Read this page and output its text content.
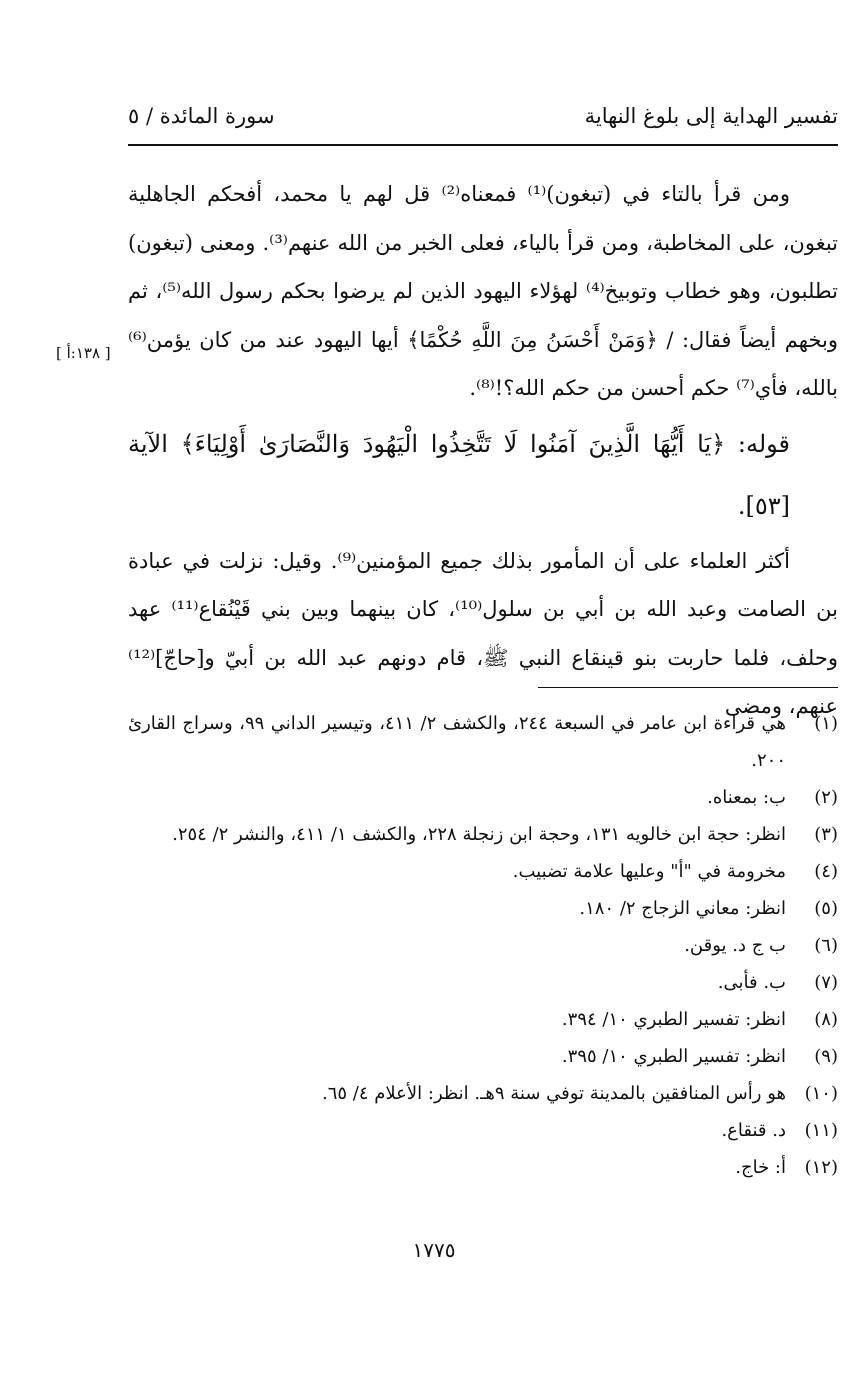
تفسير الهداية إلى بلوغ النهاية
سورة المائدة / ٥
[ ١٣٨:أ ]

ومن قرأ بالتاء في (تبغون)⁽¹⁾ فمعناه⁽²⁾ قل لهم يا محمد، أفحكم الجاهلية تبغون، على المخاطبة، ومن قرأ بالياء، فعلى الخبر من الله عنهم⁽³⁾. ومعنى (تبغون) تطلبون، وهو خطاب وتوبيخ⁽⁴⁾ لهؤلاء اليهود الذين لم يرضوا بحكم رسول الله⁽⁵⁾، ثم وبخهم أيضاً فقال: / ﴿وَمَنْ أَحْسَنُ مِنَ اللَّهِ حُكْمًا﴾ أيها اليهود عند من كان يؤمن⁽⁶⁾ بالله، فأي⁽⁷⁾ حكم أحسن من حكم الله؟!⁽⁸⁾.

قوله: ﴿يَا أَيُّهَا الَّذِينَ آمَنُوا لَا تَتَّخِذُوا الْيَهُودَ وَالنَّصَارَىٰ أَوْلِيَاءَ﴾ الآية [٥٣].

أكثر العلماء على أن المأمور بذلك جميع المؤمنين⁽⁹⁾. وقيل: نزلت في عبادة بن الصامت وعبد الله بن أبي بن سلول⁽¹⁰⁾، كان بينهما وبين بني قَيْنُقاع⁽¹¹⁾ عهد وحلف، فلما حاربت بنو قينقاع النبي ﷺ، قام دونهم عبد الله بن أبيّ و[حاجّ]⁽¹²⁾ عنهم، ومضى

(١)
هي قراءة ابن عامر في السبعة ٢٤٤، والكشف ٢/ ٤١١، وتيسير الداني ٩٩، وسراج القارئ ٢٠٠.
(٢)
ب: بمعناه.
(٣)
انظر: حجة ابن خالويه ١٣١، وحجة ابن زنجلة ٢٢٨، والكشف ١/ ٤١١، والنشر ٢/ ٢٥٤.
(٤)
مخرومة في "أ" وعليها علامة تضبيب.
(٥)
انظر: معاني الزجاج ٢/ ١٨٠.
(٦)
ب ج د. يوقن.
(٧)
ب. فأبى.
(٨)
انظر: تفسير الطبري ١٠/ ٣٩٤.
(٩)
انظر: تفسير الطبري ١٠/ ٣٩٥.
(١٠)
هو رأس المنافقين بالمدينة توفي سنة ٩هـ. انظر: الأعلام ٤/ ٦٥.
(١١)
د. قنقاع.
(١٢)
أ: خاج.
١٧٧٥
